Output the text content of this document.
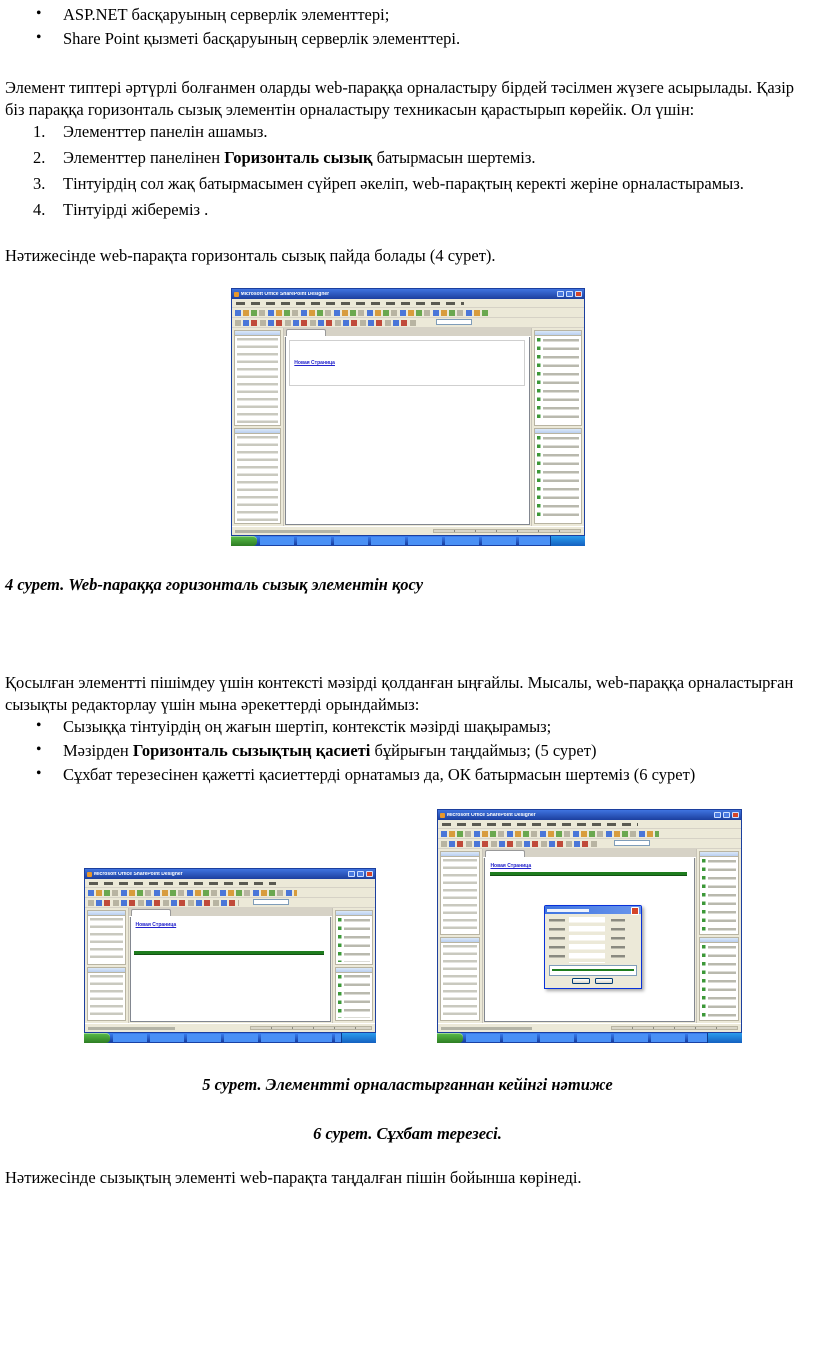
• ASP.NET басқаруының серверлік элементтері;
• Share Point қызметі басқаруының серверлік элементтері.

Элемент типтері әртүрлі болғанмен оларды web-параққа орналастыру бірдей тәсілмен жүзеге асырылады. Қазір біз параққа горизонталь сызық элементін орналастыру техникасын қарастырып көрейік. Ол үшін:

Элементтер панелін ашамыз.
Элементтер панелінен Горизонталь сызық батырмасын шертеміз.
Тінтуірдің сол жақ батырмасымен сүйреп әкеліп, web-парақтың керекті жеріне орналастырамыз.
Тінтуірді жібереміз .

Нәтижесінде web-парақта горизонталь сызық пайда болады (4 сурет).

Microsoft Office SharePoint Designer
Новая Страница

4 сурет. Web-параққа горизонталь сызық элементін қосу

Қосылған элементті пішімдеу үшін контексті мәзірді қолданған ыңғайлы. Мысалы, web-параққа орналастырған сызықты редакторлау үшін мына әрекеттерді орындаймыз:

• Сызыққа тінтуірдің оң жағын шертіп, контекстік мәзірді шақырамыз;
• Мәзірден Горизонталь сызықтың қасиеті бұйрығын таңдаймыз; (5 сурет)
• Сұхбат терезесінен қажетті қасиеттерді орнатамыз да, ОК батырмасын шертеміз (6 сурет)
Microsoft Office SharePoint Designer
Новая Страница
Microsoft Office SharePoint Designer
Новая Страница

5 сурет. Элементті орналастырғаннан кейінгі нәтиже

6 сурет. Сұхбат терезесі.

Нәтижесінде сызықтың элементі web-парақта таңдалған пішін бойынша көрінеді.
